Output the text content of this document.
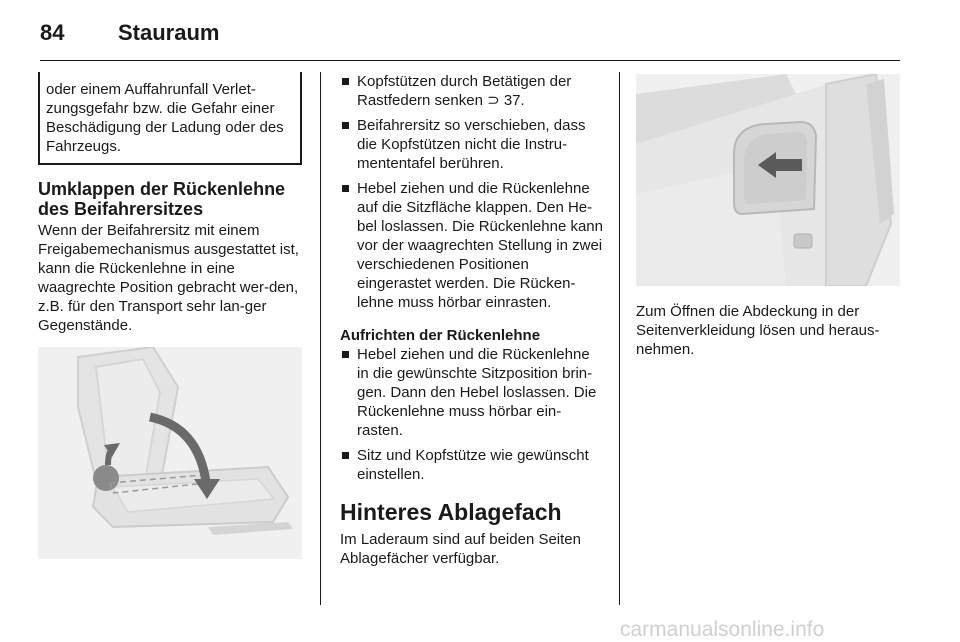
84 Stauraum

oder einem Auffahrunfall Verlet-zungsgefahr bzw. die Gefahr einer Beschädigung der Ladung oder des Fahrzeugs.

Umklappen der Rückenlehne des Beifahrersitzes

Wenn der Beifahrersitz mit einem Freigabemechanismus ausgestattet ist, kann die Rückenlehne in eine waagrechte Position gebracht wer-den, z.B. für den Transport sehr lan-ger Gegenstände.

Kopfstützen durch Betätigen der Rastfedern senken ⊃ 37.
Beifahrersitz so verschieben, dass die Kopfstützen nicht die Instru-mententafel berühren.
Hebel ziehen und die Rückenlehne auf die Sitzfläche klappen. Den He-bel loslassen. Die Rückenlehne kann vor der waagrechten Stellung in zwei verschiedenen Positionen eingerastet werden. Die Rücken-lehne muss hörbar einrasten.

Aufrichten der Rückenlehne

Hebel ziehen und die Rückenlehne in die gewünschte Sitzposition brin-gen. Dann den Hebel loslassen. Die Rückenlehne muss hörbar ein-rasten.
Sitz und Kopfstütze wie gewünscht einstellen.
Hinteres Ablagefach

Im Laderaum sind auf beiden Seiten Ablagefächer verfügbar.

Zum Öffnen die Abdeckung in der Seitenverkleidung lösen und heraus-nehmen.

carmanualsonline.info
